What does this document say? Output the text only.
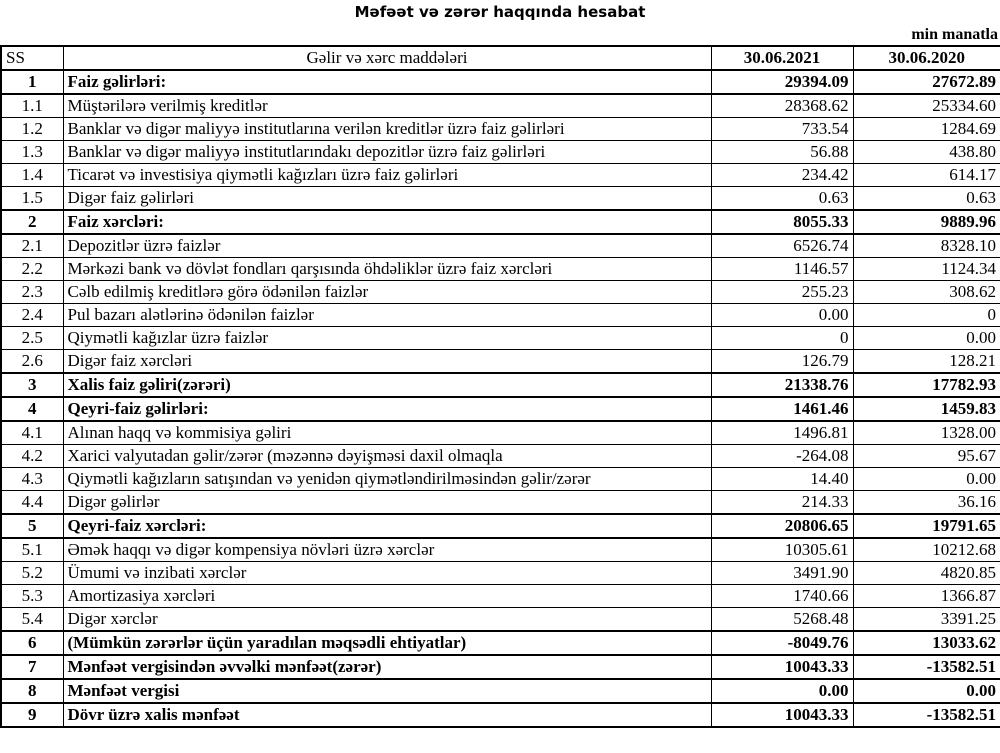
Məfəət və zərər haqqında hesabat
min manatla
SS	Gəlir və xərc maddələri	30.06.2021	30.06.2020
1	Faiz gəlirləri:	29394.09	27672.89
1.1	Müştərilərə verilmiş kreditlər	28368.62	25334.60
1.2	Banklar və digər maliyyə institutlarına verilən kreditlər üzrə faiz gəlirləri	733.54	1284.69
1.3	Banklar və digər maliyyə institutlarındakı depozitlər üzrə faiz gəlirləri	56.88	438.80
1.4	Ticarət və investisiya qiymətli kağızları üzrə faiz gəlirləri	234.42	614.17
1.5	Digər faiz gəlirləri	0.63	0.63
2	Faiz xərcləri:	8055.33	9889.96
2.1	Depozitlər üzrə faizlər	6526.74	8328.10
2.2	Mərkəzi bank və dövlət fondları qarşısında öhdəliklər üzrə faiz xərcləri	1146.57	1124.34
2.3	Cəlb edilmiş kreditlərə görə ödənilən faizlər	255.23	308.62
2.4	Pul bazarı alətlərinə ödənilən faizlər	0.00	0
2.5	Qiymətli kağızlar üzrə faizlər	0	0.00
2.6	Digər faiz xərcləri	126.79	128.21
3	Xalis faiz gəliri(zərəri)	21338.76	17782.93
4	Qeyri-faiz gəlirləri:	1461.46	1459.83
4.1	Alınan haqq və kommisiya gəliri	1496.81	1328.00
4.2	Xarici valyutadan gəlir/zərər (məzənnə dəyişməsi daxil olmaqla	-264.08	95.67
4.3	Qiymətli kağızların satışından və yenidən qiymətləndirilməsindən gəlir/zərər	14.40	0.00
4.4	Digər gəlirlər	214.33	36.16
5	Qeyri-faiz xərcləri:	20806.65	19791.65
5.1	Əmək haqqı və digər kompensiya növləri üzrə xərclər	10305.61	10212.68
5.2	Ümumi və inzibati xərclər	3491.90	4820.85
5.3	Amortizasiya xərcləri	1740.66	1366.87
5.4	Digər xərclər	5268.48	3391.25
6	(Mümkün zərərlər üçün yaradılan məqsədli ehtiyatlar)	-8049.76	13033.62
7	Mənfəət vergisindən əvvəlki mənfəət(zərər)	10043.33	-13582.51
8	Mənfəət vergisi	0.00	0.00
9	Dövr üzrə xalis mənfəət	10043.33	-13582.51
